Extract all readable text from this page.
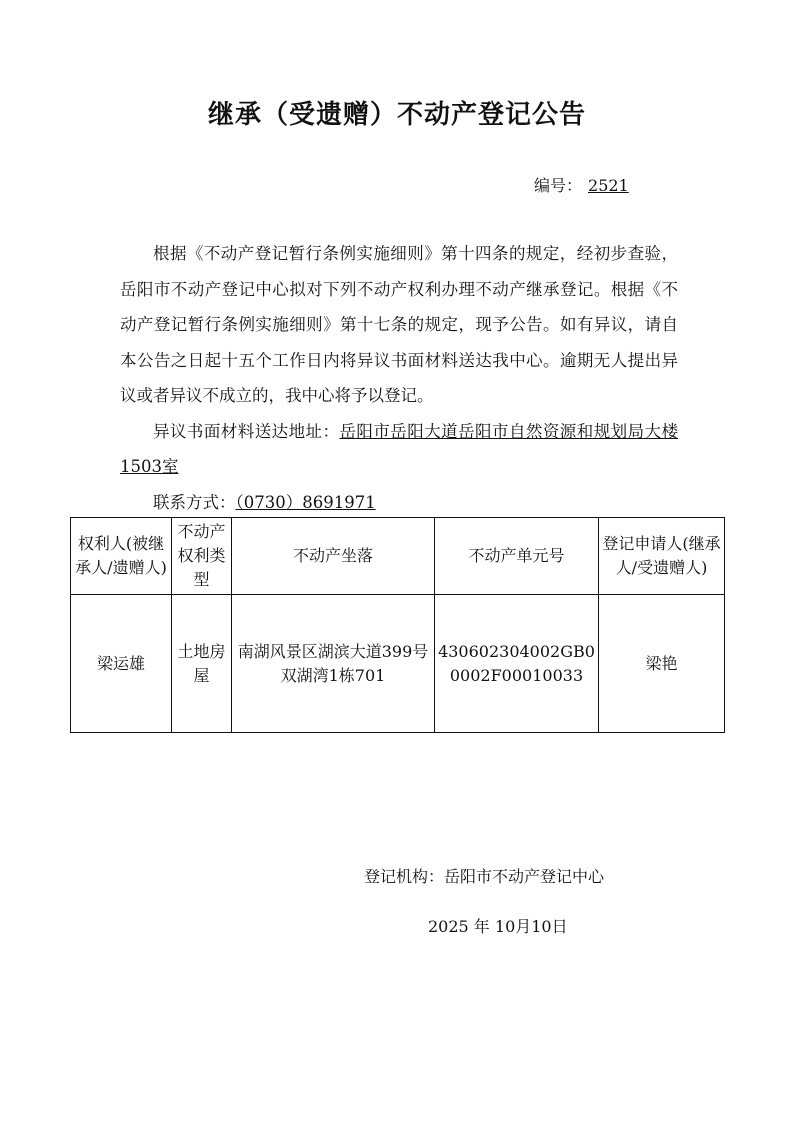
继承（受遗赠）不动产登记公告
编号： 2521

根据《不动产登记暂行条例实施细则》第十四条的规定，经初步查验，岳阳市不动产登记中心拟对下列不动产权利办理不动产继承登记。根据《不动产登记暂行条例实施细则》第十七条的规定，现予公告。如有异议，请自本公告之日起十五个工作日内将异议书面材料送达我中心。逾期无人提出异议或者异议不成立的，我中心将予以登记。

异议书面材料送达地址：岳阳市岳阳大道岳阳市自然资源和规划局大楼1503室

联系方式：（0730）8691971

权利人(被继承人/遗赠人)	不动产权利类型	不动产坐落	不动产单元号	登记申请人(继承人/受遗赠人)
梁运雄	土地房屋	南湖风景区湖滨大道399号双湖湾1栋701	430602304002GB00002F00010033	梁艳
登记机构：岳阳市不动产登记中心
2025 年 10月10日
